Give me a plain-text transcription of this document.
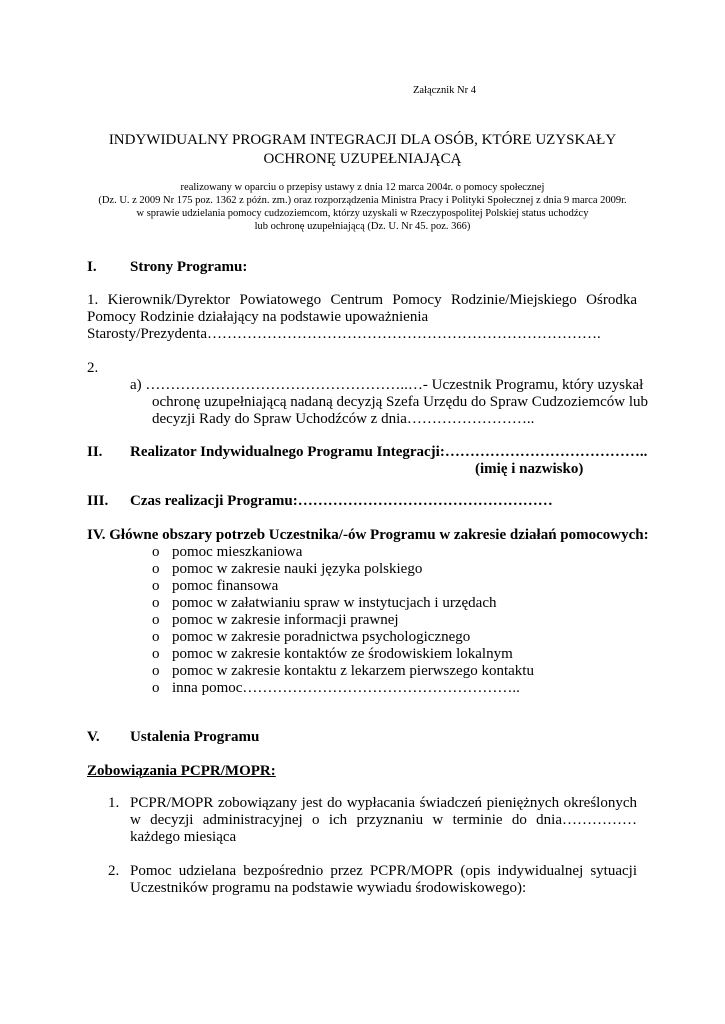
Załącznik Nr 4
INDYWIDUALNY PROGRAM INTEGRACJI DLA OSÓB, KTÓRE UZYSKAŁY
OCHRONĘ UZUPEŁNIAJĄCĄ
realizowany w oparciu o przepisy ustawy z dnia 12 marca 2004r. o pomocy społecznej
(Dz. U. z 2009 Nr 175 poz. 1362 z późn. zm.) oraz rozporządzenia Ministra Pracy i Polityki Społecznej z dnia 9 marca 2009r.
w sprawie udzielania pomocy cudzoziemcom, którzy uzyskali w Rzeczypospolitej Polskiej status uchodźcy
lub ochronę uzupełniającą (Dz. U. Nr 45. poz. 366)
I. Strony Programu:
1. Kierownik/Dyrektor Powiatowego Centrum Pomocy Rodzinie/Miejskiego Ośrodka Pomocy Rodzinie działający na podstawie upoważnienia
Starosty/Prezydenta…………………………………………………………………….
2.
a) ……………………………………………..…- Uczestnik Programu, który uzyskał
ochronę uzupełniającą nadaną decyzją Szefa Urzędu do Spraw Cudzoziemców lub
decyzji Rady do Spraw Uchodźców z dnia……………………..
II. Realizator Indywidualnego Programu Integracji:…………………………………..
(imię i nazwisko)
III. Czas realizacji Programu:……………………………………………
IV. Główne obszary potrzeb Uczestnika/-ów Programu w zakresie działań pomocowych:
o pomoc mieszkaniowa
o pomoc w zakresie nauki języka polskiego
o pomoc finansowa
o pomoc w załatwianiu spraw w instytucjach i urzędach
o pomoc w zakresie informacji prawnej
o pomoc w zakresie poradnictwa psychologicznego
o pomoc w zakresie kontaktów ze środowiskiem lokalnym
o pomoc w zakresie kontaktu z lekarzem pierwszego kontaktu
o inna pomoc………………………………………………..
V. Ustalenia Programu
Zobowiązania PCPR/MOPR:
1. PCPR/MOPR zobowiązany jest do wypłacania świadczeń pieniężnych określonych w decyzji administracyjnej o ich przyznaniu w terminie do dnia…………… każdego miesiąca
2. Pomoc udzielana bezpośrednio przez PCPR/MOPR (opis indywidualnej sytuacji Uczestników programu na podstawie wywiadu środowiskowego):
